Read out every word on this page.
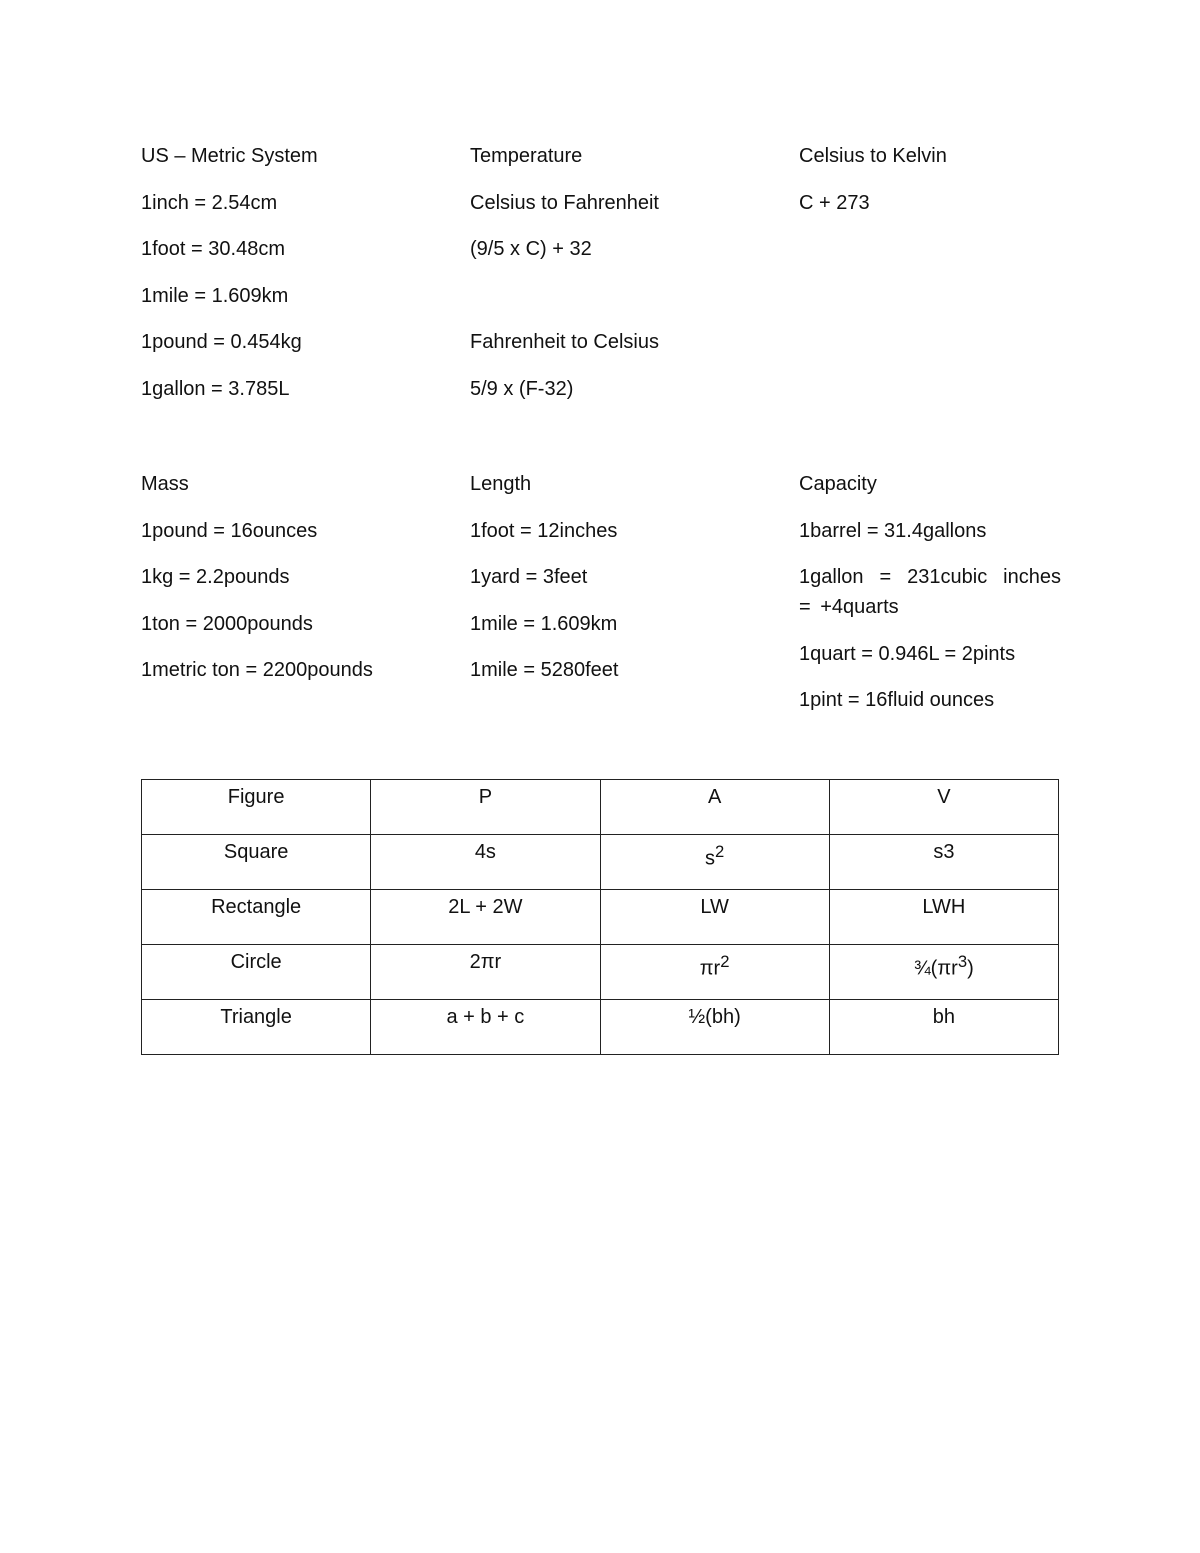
US – Metric System
1inch = 2.54cm
1foot = 30.48cm
1mile = 1.609km
1pound = 0.454kg
1gallon = 3.785L
Temperature
Celsius to Fahrenheit
(9/5 x C) + 32
Fahrenheit to Celsius
5/9 x (F-32)
Celsius to Kelvin
C + 273
Mass
1pound = 16ounces
1kg = 2.2pounds
1ton = 2000pounds
1metric ton = 2200pounds
Length
1foot = 12inches
1yard = 3feet
1mile = 1.609km
1mile = 5280feet
Capacity
1barrel = 31.4gallons
1gallon = 231cubic inches = +4quarts
1quart = 0.946L = 2pints
1pint = 16fluid ounces
Figure	P	A	V
Square	4s	$s^2$	s3
Rectangle	2L + 2W	LW	LWH
Circle	2πr	$\pi r^2$	$\frac{3}{4}(\pi r^3)$
Triangle	a + b + c	½(bh)	bh
